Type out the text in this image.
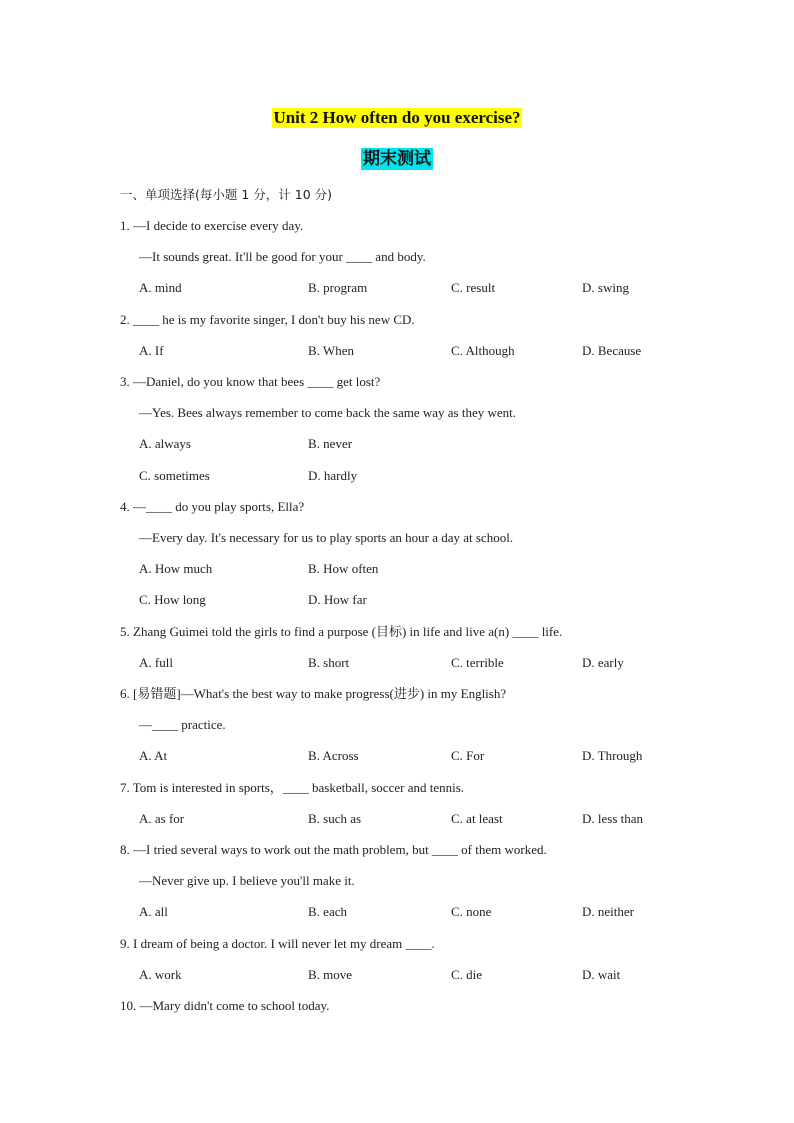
Unit 2 How often do you exercise?
期末测试
一、单项选择(每小题 1 分，计 10 分)
1. —I decide to exercise every day.
—It sounds great. It'll be good for your ____ and body.
A. mind	B. program	C. result	D. swing
2. ____ he is my favorite singer, I don't buy his new CD.
A. If	B. When	C. Although	D. Because
3. —Daniel, do you know that bees ____ get lost?
—Yes. Bees always remember to come back the same way as they went.
A. always	B. never
C. sometimes	D. hardly
4. —____ do you play sports, Ella?
—Every day. It's necessary for us to play sports an hour a day at school.
A. How much	B. How often
C. How long	D. How far
5. Zhang Guimei told the girls to find a purpose (目标) in life and live a(n) ____ life.
A. full	B. short	C. terrible	D. early
6. [易错题]—What's the best way to make progress(进步) in my English?
—____ practice.
A. At	B. Across	C. For	D. Through
7. Tom is interested in sports，____ basketball, soccer and tennis.
A. as for	B. such as	C. at least	D. less than
8. —I tried several ways to work out the math problem, but ____ of them worked.
—Never give up. I believe you'll make it.
A. all	B. each	C. none	D. neither
9. I dream of being a doctor. I will never let my dream ____.
A. work	B. move	C. die	D. wait
10. —Mary didn't come to school today.
